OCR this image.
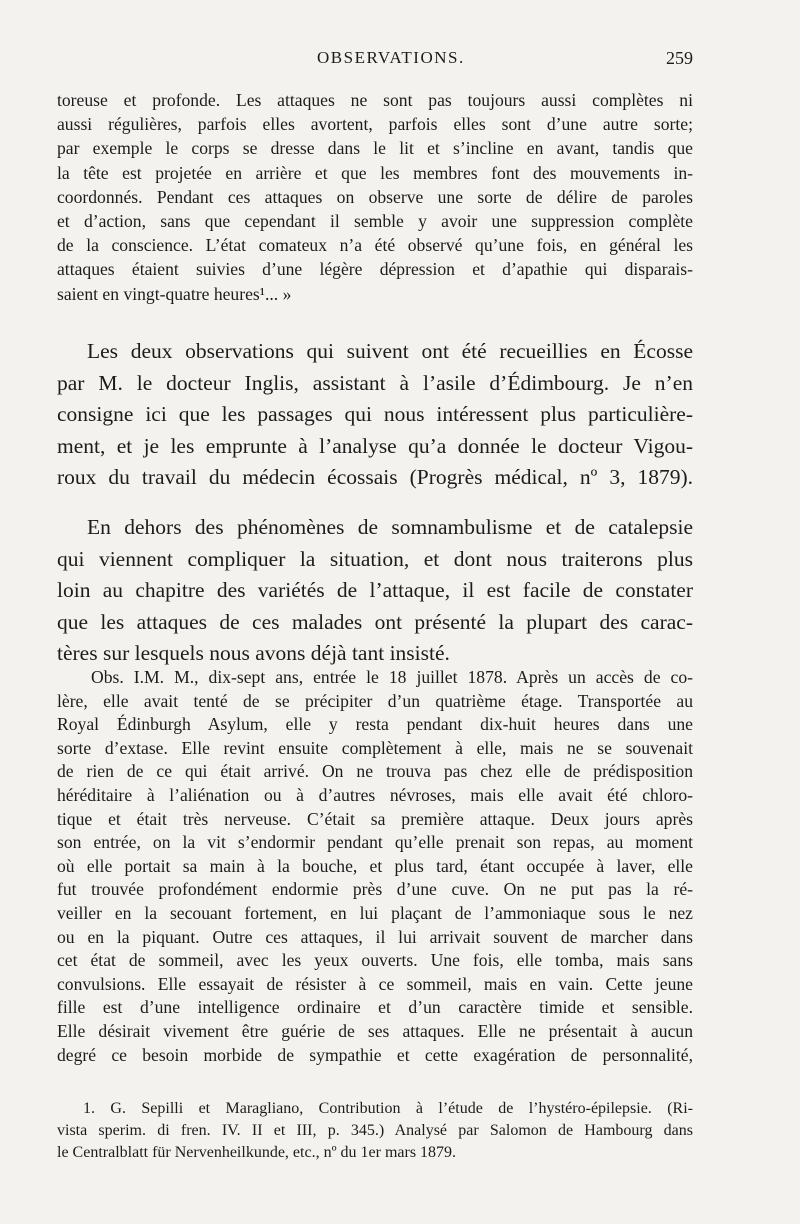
OBSERVATIONS.	259
toreuse et profonde. Les attaques ne sont pas toujours aussi complètes ni
aussi régulières, parfois elles avortent, parfois elles sont d’une autre sorte;
par exemple le corps se dresse dans le lit et s’incline en avant, tandis que
la tête est projetée en arrière et que les membres font des mouvements in-
coordonnés. Pendant ces attaques on observe une sorte de délire de paroles
et d’action, sans que cependant il semble y avoir une suppression complète
de la conscience. L’état comateux n’a été observé qu’une fois, en général les
attaques étaient suivies d’une légère dépression et d’apathie qui disparais-
saient en vingt-quatre heures¹... »
Les deux observations qui suivent ont été recueillies en Écosse
par M. le docteur Inglis, assistant à l’asile d’Édimbourg. Je n’en
consigne ici que les passages qui nous intéressent plus particulière-
ment, et je les emprunte à l’analyse qu’a donnée le docteur Vigou-
roux du travail du médecin écossais (Progrès médical, nº 3, 1879).
En dehors des phénomènes de somnambulisme et de catalepsie
qui viennent compliquer la situation, et dont nous traiterons plus
loin au chapitre des variétés de l’attaque, il est facile de constater
que les attaques de ces malades ont présenté la plupart des carac-
tères sur lesquels nous avons déjà tant insisté.
Obs. I.M. M., dix-sept ans, entrée le 18 juillet 1878. Après un accès de co-
lère, elle avait tenté de se précipiter d’un quatrième étage. Transportée au
Royal Édinburgh Asylum, elle y resta pendant dix-huit heures dans une
sorte d’extase. Elle revint ensuite complètement à elle, mais ne se souvenait
de rien de ce qui était arrivé. On ne trouva pas chez elle de prédisposition
héréditaire à l’aliénation ou à d’autres névroses, mais elle avait été chloro-
tique et était très nerveuse. C’était sa première attaque. Deux jours après
son entrée, on la vit s’endormir pendant qu’elle prenait son repas, au moment
où elle portait sa main à la bouche, et plus tard, étant occupée à laver, elle
fut trouvée profondément endormie près d’une cuve. On ne put pas la ré-
veiller en la secouant fortement, en lui plaçant de l’ammoniaque sous le nez
ou en la piquant. Outre ces attaques, il lui arrivait souvent de marcher dans
cet état de sommeil, avec les yeux ouverts. Une fois, elle tomba, mais sans
convulsions. Elle essayait de résister à ce sommeil, mais en vain. Cette jeune
fille est d’une intelligence ordinaire et d’un caractère timide et sensible.
Elle désirait vivement être guérie de ses attaques. Elle ne présentait à aucun
degré ce besoin morbide de sympathie et cette exagération de personnalité,
1. G. Sepilli et Maragliano, Contribution à l’étude de l’hystéro-épilepsie. (Ri-
vista sperim. di fren. IV. II et III, p. 345.) Analysé par Salomon de Hambourg dans
le Centralblatt für Nervenheilkunde, etc., nº du 1er mars 1879.
